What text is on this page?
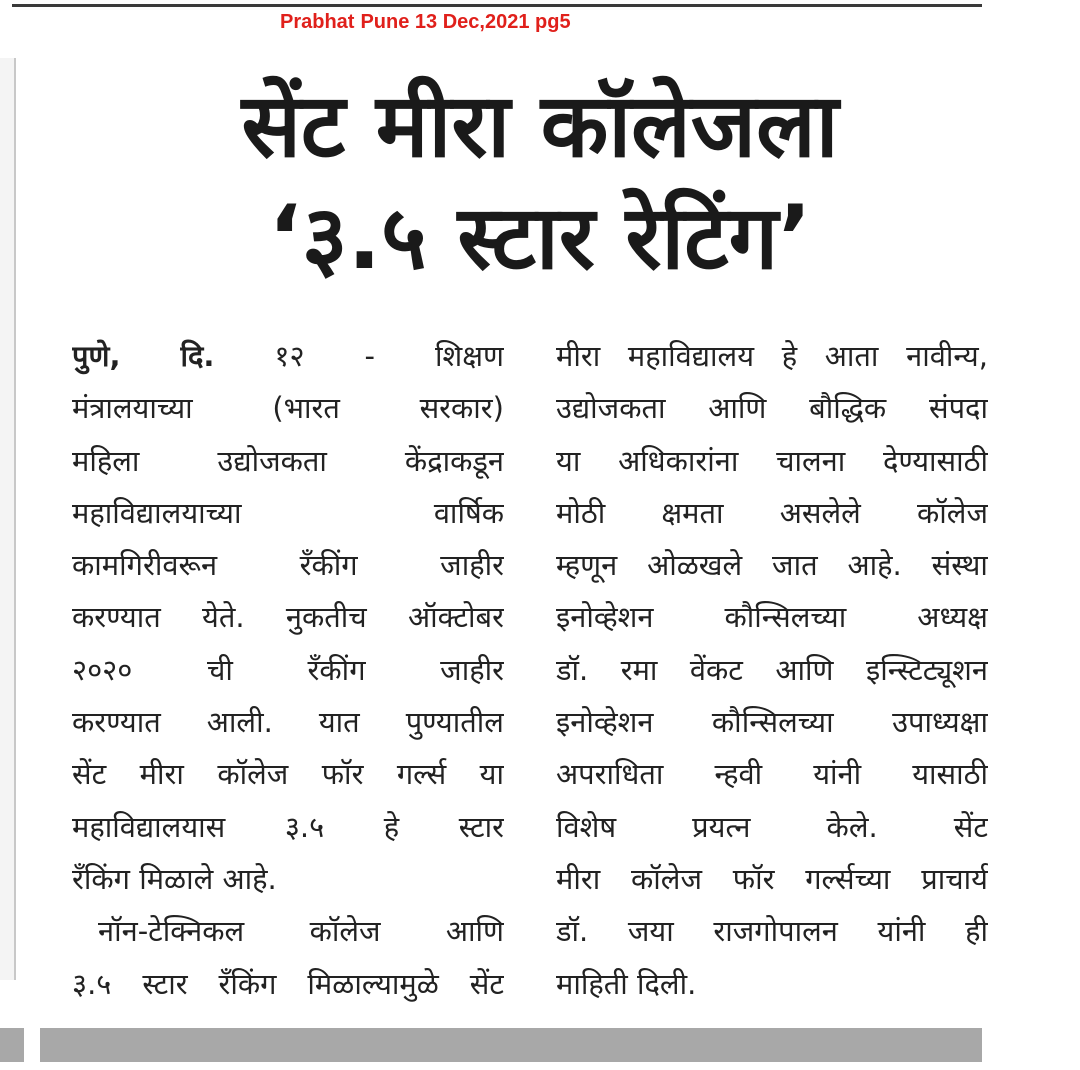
Prabhat Pune 13 Dec,2021 pg5
सेंट मीरा कॉलेजला
‘३.५ स्टार रेटिंग’
पुणे, दि. १२ - शिक्षण
मंत्रालयाच्या	(भारत	सरकार)
महिला	उद्योजकता	केंद्राकडून
महाविद्यालयाच्या	वार्षिक
कामगिरीवरून	रँकींग	जाहीर
करण्यात येते. नुकतीच ऑक्टोबर
२०२०	ची	रँकींग	जाहीर
करण्यात आली. यात पुण्यातील
सेंट मीरा कॉलेज फॉर गर्ल्स या
महाविद्यालयास ३.५ हे स्टार
रँकिंग मिळाले आहे.
नॉन-टेक्निकल कॉलेज आणि
३.५ स्टार रँकिंग मिळाल्यामुळे सेंट
मीरा महाविद्यालय हे आता नावीन्य,
उद्योजकता आणि बौद्धिक संपदा
या अधिकारांना चालना देण्यासाठी
मोठी क्षमता असलेले कॉलेज
म्हणून ओळखले जात आहे. संस्था
इनोव्हेशन कौन्सिलच्या अध्यक्ष
डॉ. रमा वेंकट आणि इन्स्टिट्यूशन
इनोव्हेशन कौन्सिलच्या उपाध्यक्षा
अपराधिता न्हवी यांनी यासाठी
विशेष	प्रयत्न	केले.	सेंट
मीरा कॉलेज फॉर गर्ल्सच्या प्राचार्य
डॉ. जया राजगोपालन यांनी ही
माहिती दिली.
